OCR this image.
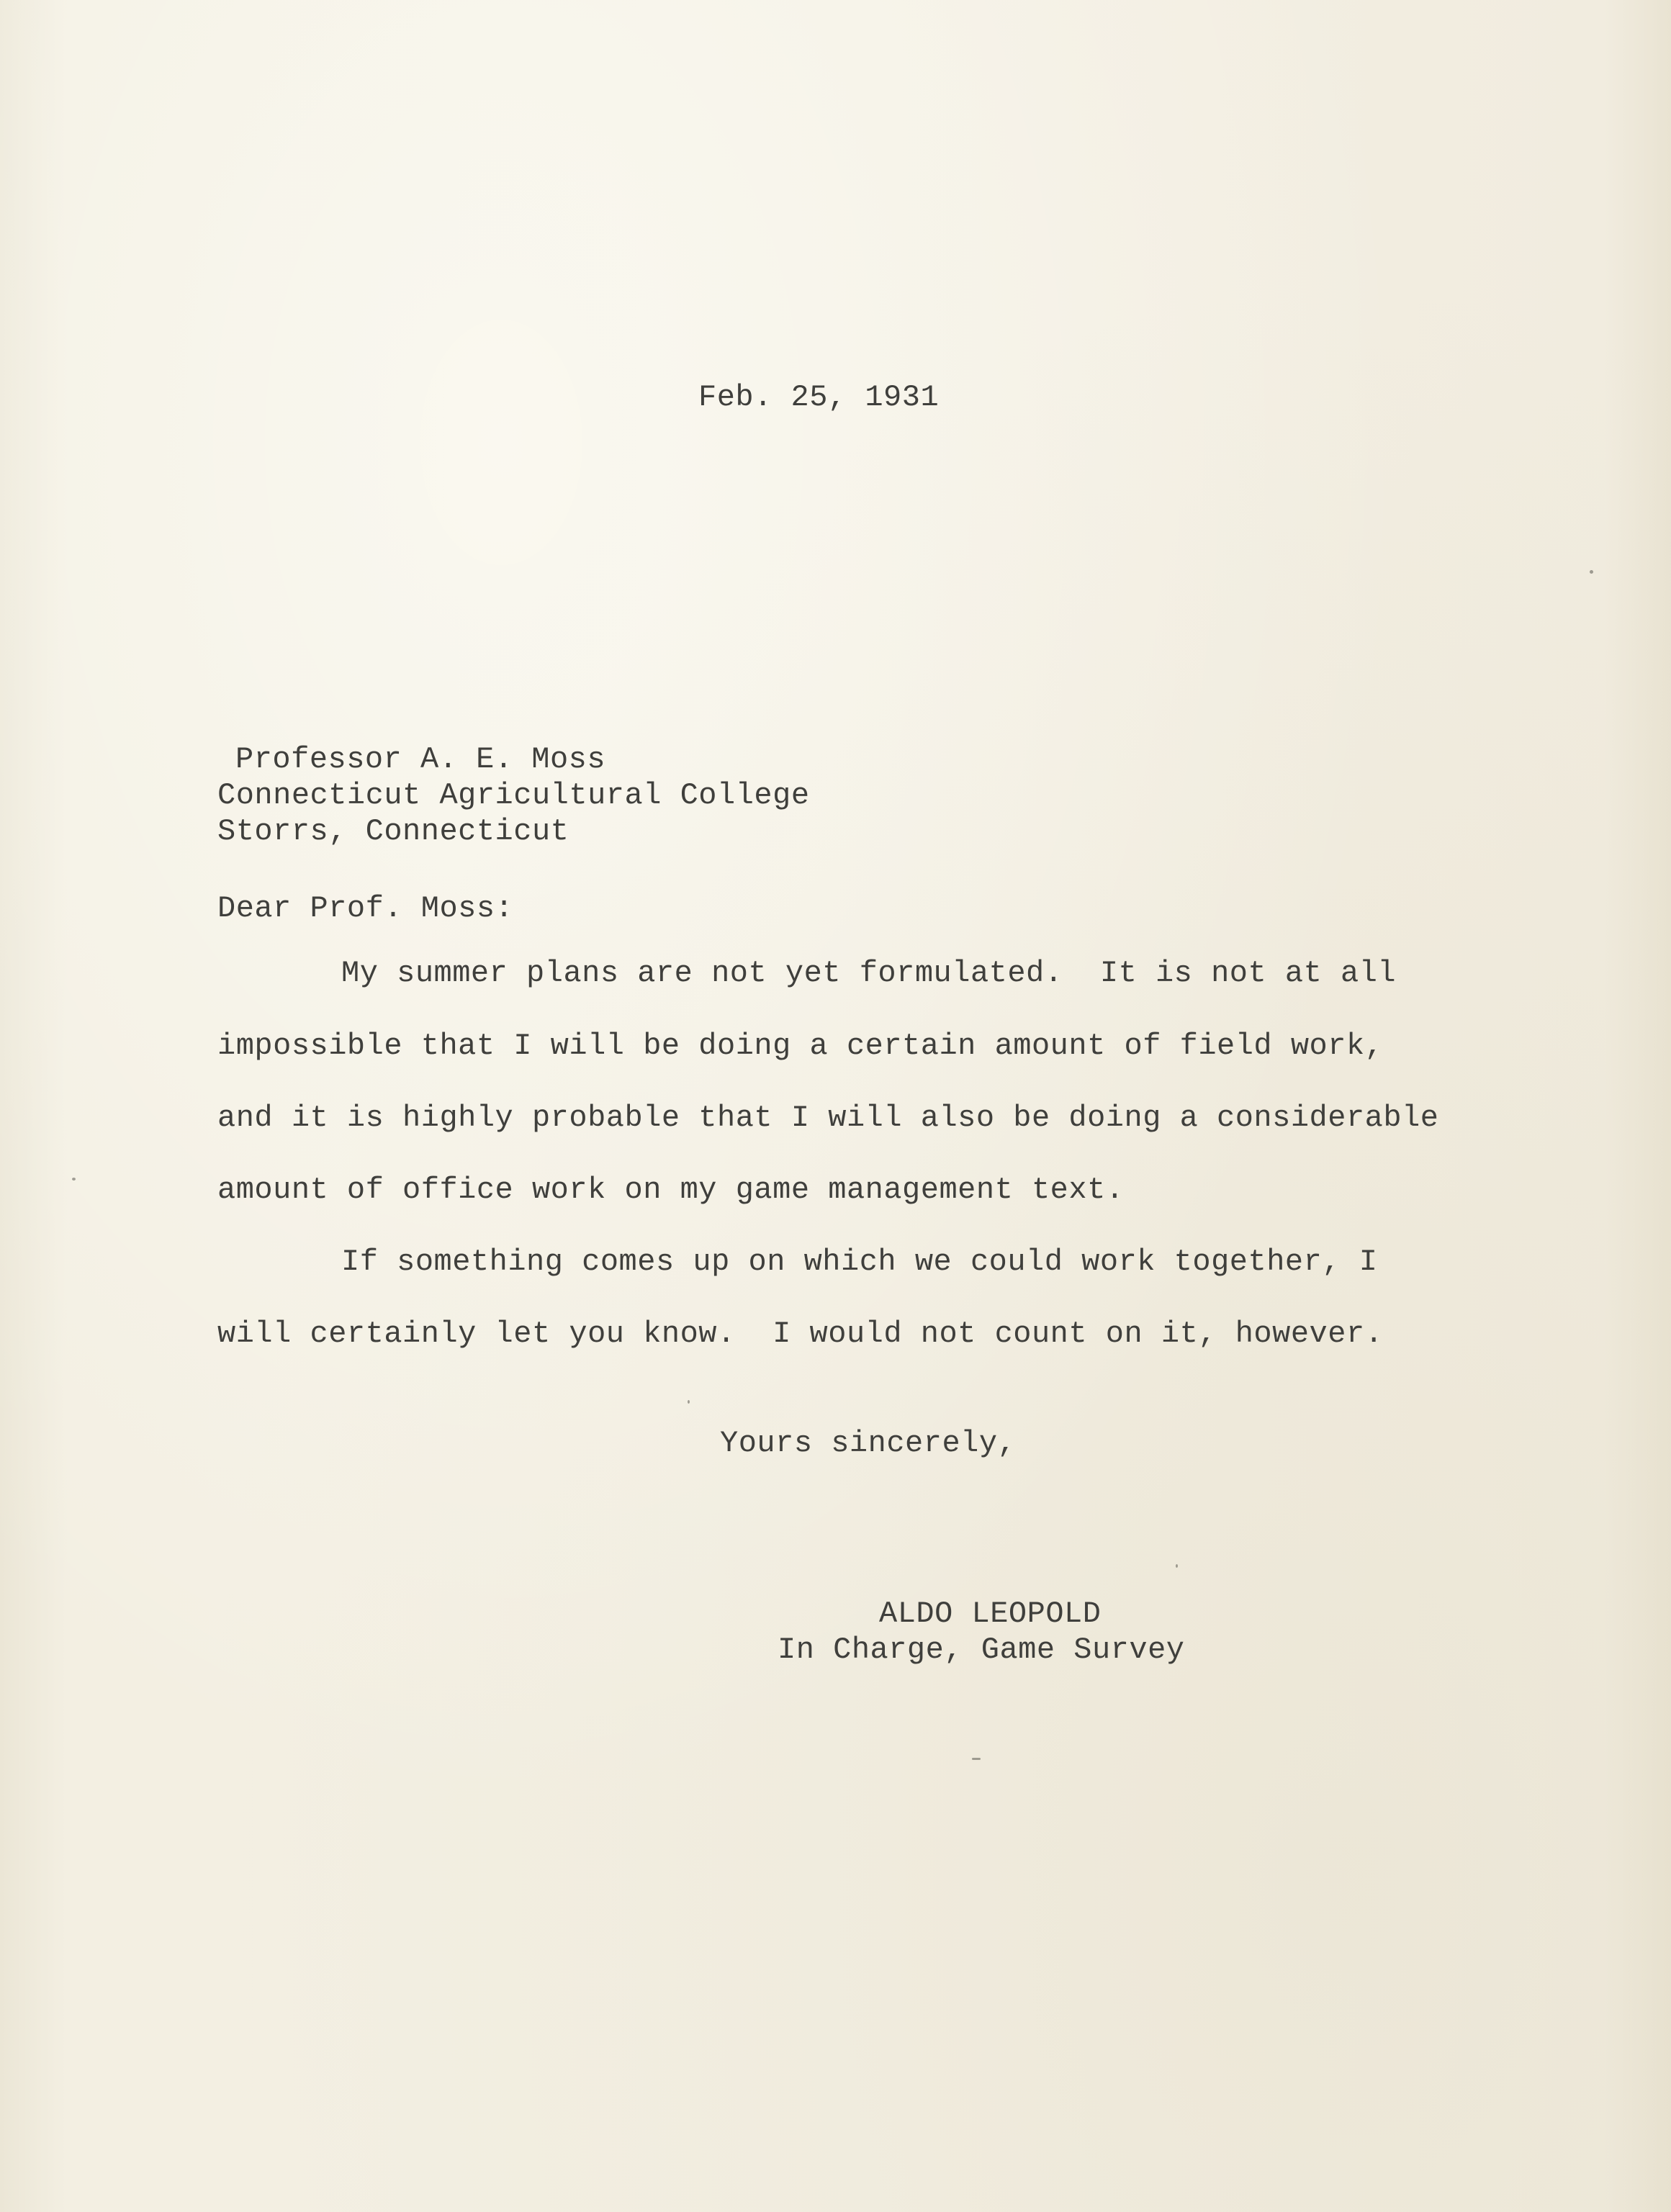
Feb. 25, 1931

Professor A. E. Moss

Connecticut Agricultural College

Storrs, Connecticut

Dear Prof. Moss:

My summer plans are not yet formulated.  It is not at all

impossible that I will be doing a certain amount of field work,

and it is highly probable that I will also be doing a considerable

amount of office work on my game management text.

If something comes up on which we could work together, I

will certainly let you know.  I would not count on it, however.

Yours sincerely,

ALDO LEOPOLD

In Charge, Game Survey
